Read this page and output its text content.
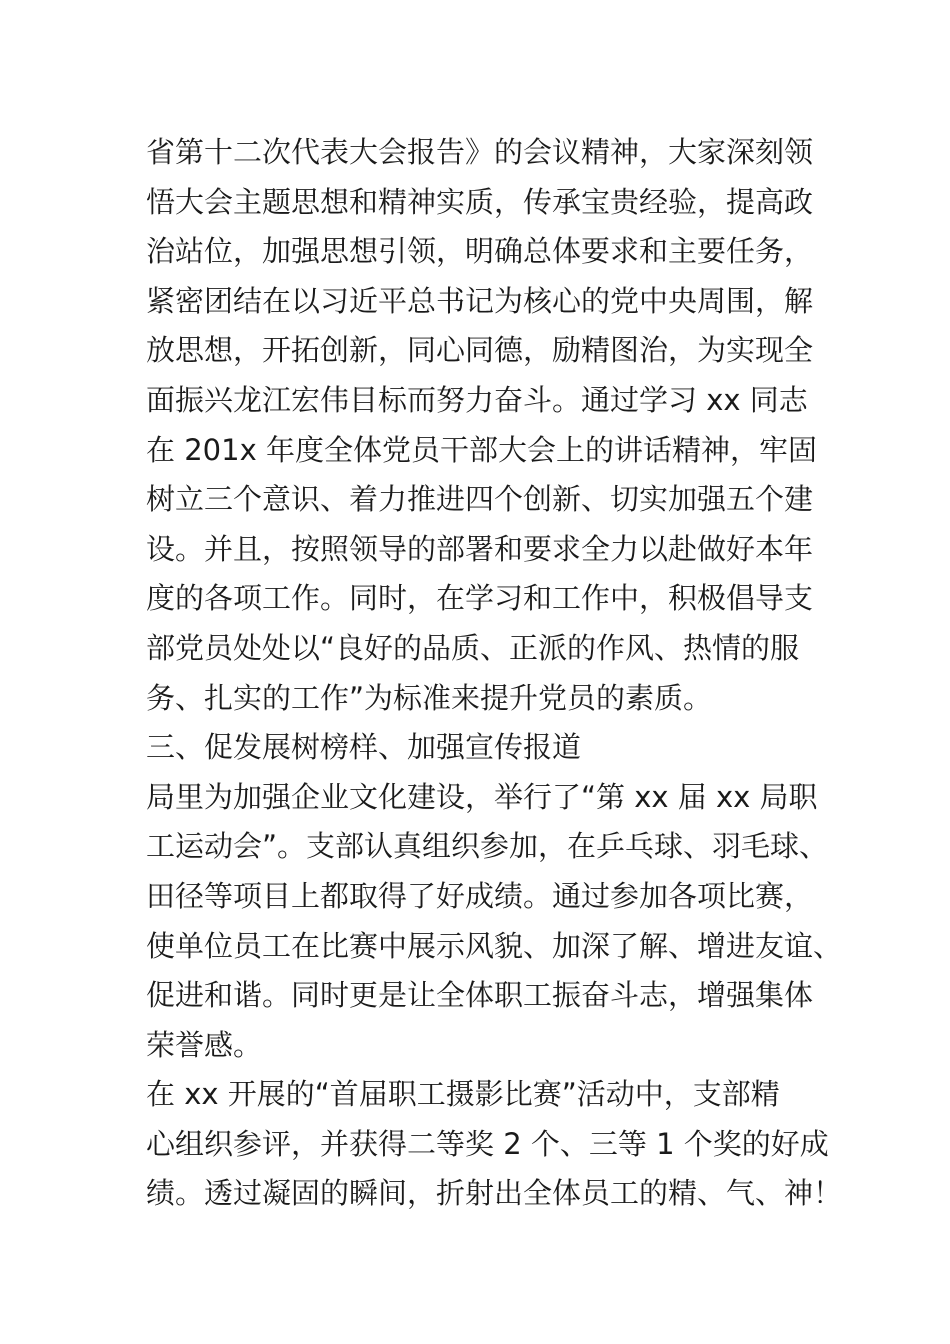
省第十二次代表大会报告》的会议精神，大家深刻领
悟大会主题思想和精神实质，传承宝贵经验，提高政
治站位，加强思想引领，明确总体要求和主要任务，
紧密团结在以习近平总书记为核心的党中央周围，解
放思想，开拓创新，同心同德，励精图治，为实现全
面振兴龙江宏伟目标而努力奋斗。通过学习 xx 同志
在 201x 年度全体党员干部大会上的讲话精神，牢固
树立三个意识、着力推进四个创新、切实加强五个建
设。并且，按照领导的部署和要求全力以赴做好本年
度的各项工作。同时，在学习和工作中，积极倡导支
部党员处处以“良好的品质、正派的作风、热情的服
务、扎实的工作”为标准来提升党员的素质。
三、促发展树榜样、加强宣传报道
局里为加强企业文化建设，举行了“第 xx 届 xx 局职
工运动会”。支部认真组织参加，在乒乓球、羽毛球、
田径等项目上都取得了好成绩。通过参加各项比赛，
使单位员工在比赛中展示风貌、加深了解、增进友谊、
促进和谐。同时更是让全体职工振奋斗志，增强集体
荣誉感。
在 xx 开展的“首届职工摄影比赛”活动中，支部精
心组织参评，并获得二等奖 2 个、三等 1 个奖的好成
绩。透过凝固的瞬间，折射出全体员工的精、气、神！
